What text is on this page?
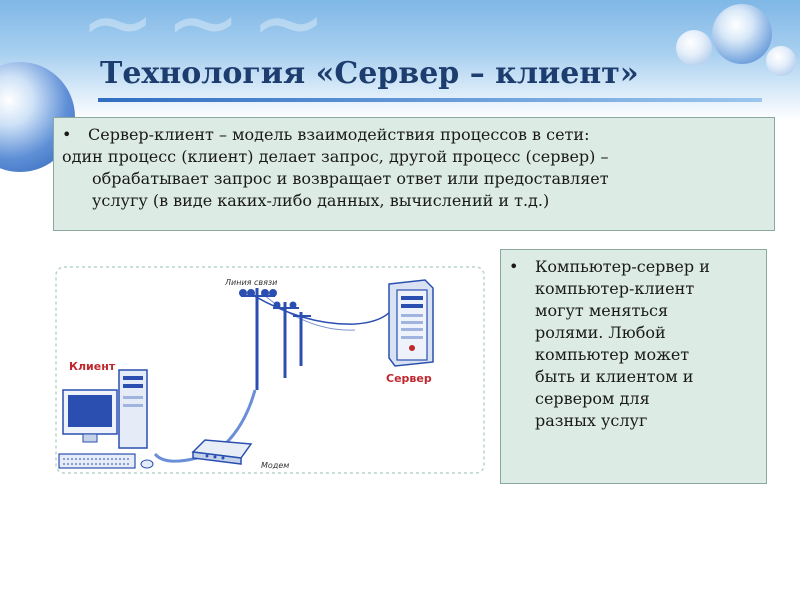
~~~
Технология «Сервер – клиент»
• Сервер-клиент – модель взаимодействия процессов в сети:
один процесс (клиент) делает запрос, другой процесс (сервер) –
обрабатывает запрос и возвращает ответ или предоставляет
услугу (в виде каких-либо данных, вычислений и т.д.)
Клиент
Сервер
Линия связи
Модем
•	Компьютер-сервер и
компьютер-клиент
могут меняться
ролями. Любой
компьютер может
быть и клиентом и
сервером для
разных услуг
